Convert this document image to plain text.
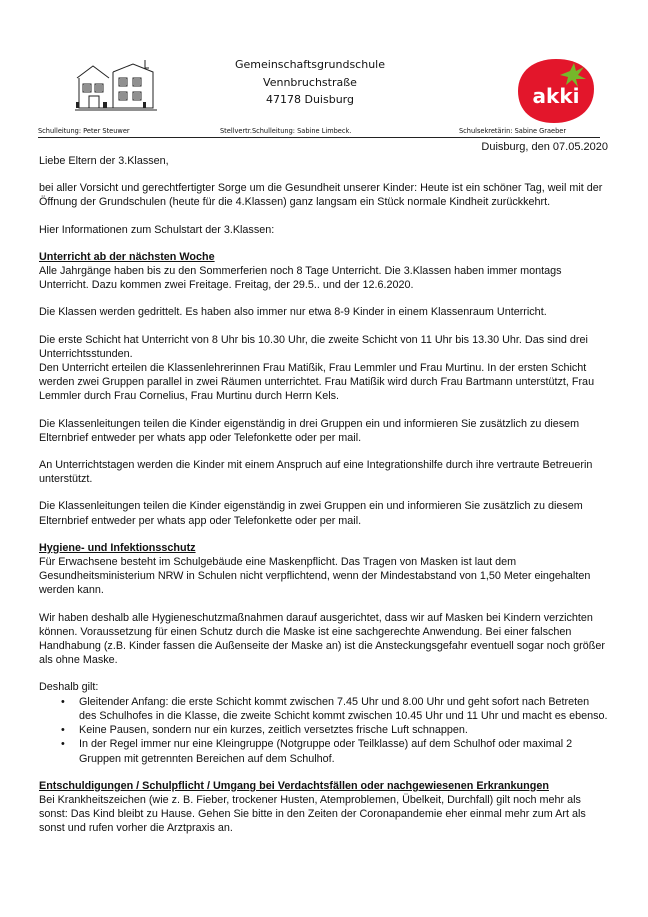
Gemeinschaftsgrundschule
Vennbruchstraße
47178 Duisburg	akki
Schulleitung: Peter Steuwer	Stellvertr.Schulleitung: Sabine Limbeck.	Schulsekretärin: Sabine Graeber
Duisburg, den 07.05.2020

Liebe Eltern der 3.Klassen,

bei aller Vorsicht und gerechtfertigter Sorge um die Gesundheit unserer Kinder: Heute ist ein schöner Tag, weil mit der Öffnung der Grundschulen (heute für die 4.Klassen) ganz langsam ein Stück normale Kindheit zurückkehrt.

Hier Informationen zum Schulstart der 3.Klassen:

Unterricht ab der nächsten Woche

Alle Jahrgänge haben bis zu den Sommerferien noch 8 Tage Unterricht. Die 3.Klassen haben immer montags Unterricht. Dazu kommen zwei Freitage. Freitag, der 29.5.. und der 12.6.2020.

Die Klassen werden gedrittelt. Es haben also immer nur etwa 8-9 Kinder in einem Klassenraum Unterricht.

Die erste Schicht hat Unterricht von 8 Uhr bis 10.30 Uhr, die zweite Schicht von 11 Uhr bis 13.30 Uhr. Das sind drei Unterrichtsstunden.

Den Unterricht erteilen die Klassenlehrerinnen Frau Matißik, Frau Lemmler und Frau Murtinu. In der ersten Schicht werden zwei Gruppen parallel in zwei Räumen unterrichtet. Frau Matißik wird durch Frau Bartmann unterstützt, Frau Lemmler durch Frau Cornelius, Frau Murtinu durch Herrn Kels.

Die Klassenleitungen teilen die Kinder eigenständig in drei Gruppen ein und informieren Sie zusätzlich zu diesem Elternbrief entweder per whats app oder Telefonkette oder per mail.

An Unterrichtstagen werden die Kinder mit einem Anspruch auf eine Integrationshilfe durch ihre vertraute Betreuerin unterstützt.

Die Klassenleitungen teilen die Kinder eigenständig in zwei Gruppen ein und informieren Sie zusätzlich zu diesem Elternbrief entweder per whats app oder Telefonkette oder per mail.

Hygiene- und Infektionsschutz

Für Erwachsene besteht im Schulgebäude eine Maskenpflicht. Das Tragen von Masken ist laut dem Gesundheitsministerium NRW in Schulen nicht verpflichtend, wenn der Mindestabstand von 1,50 Meter eingehalten werden kann.

Wir haben deshalb alle Hygieneschutzmaßnahmen darauf ausgerichtet, dass wir auf Masken bei Kindern verzichten können. Voraussetzung für einen Schutz durch die Maske ist eine sachgerechte Anwendung. Bei einer falschen Handhabung (z.B. Kinder fassen die Außenseite der Maske an) ist die Ansteckungsgefahr eventuell sogar noch größer als ohne Maske.

Deshalb gilt:

• Gleitender Anfang: die erste Schicht kommt zwischen 7.45 Uhr und 8.00 Uhr und geht sofort nach Betreten des Schulhofes in die Klasse, die zweite Schicht kommt zwischen 10.45 Uhr und 11 Uhr und macht es ebenso.
• Keine Pausen, sondern nur ein kurzes, zeitlich versetztes frische Luft schnappen.
• In der Regel immer nur eine Kleingruppe (Notgruppe oder Teilklasse) auf dem Schulhof oder maximal 2 Gruppen mit getrennten Bereichen auf dem Schulhof.
Entschuldigungen / Schulpflicht / Umgang bei Verdachtsfällen oder nachgewiesenen Erkrankungen

Bei Krankheitszeichen (wie z. B. Fieber, trockener Husten, Atemproblemen, Übelkeit, Durchfall) gilt noch mehr als sonst: Das Kind bleibt zu Hause. Gehen Sie bitte in den Zeiten der Coronapandemie eher einmal mehr zum Art als sonst und rufen vorher die Arztpraxis an.
